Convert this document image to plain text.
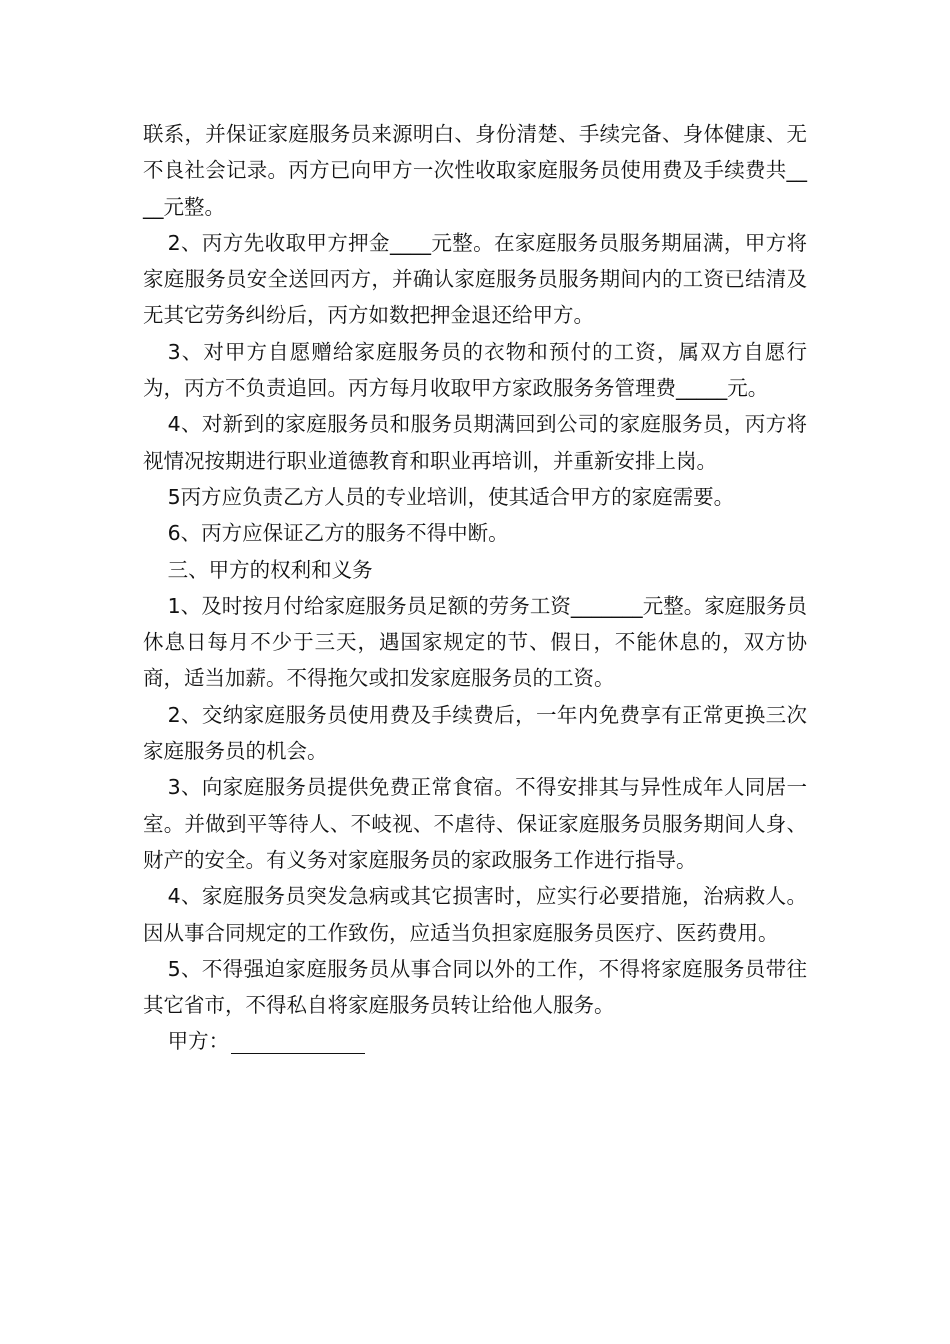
联系，并保证家庭服务员来源明白、身份清楚、手续完备、身体健康、无不良社会记录。丙方已向甲方一次性收取家庭服务员使用费及手续费共____元整。

2、丙方先收取甲方押金____元整。在家庭服务员服务期届满，甲方将家庭服务员安全送回丙方，并确认家庭服务员服务期间内的工资已结清及无其它劳务纠纷后，丙方如数把押金退还给甲方。

3、对甲方自愿赠给家庭服务员的衣物和预付的工资，属双方自愿行为，丙方不负责追回。丙方每月收取甲方家政服务务管理费_____元。

4、对新到的家庭服务员和服务员期满回到公司的家庭服务员，丙方将视情况按期进行职业道德教育和职业再培训，并重新安排上岗。

5丙方应负责乙方人员的专业培训，使其适合甲方的家庭需要。

6、丙方应保证乙方的服务不得中断。

三、甲方的权利和义务

1、及时按月付给家庭服务员足额的劳务工资_______元整。家庭服务员休息日每月不少于三天，遇国家规定的节、假日，不能休息的，双方协商，适当加薪。不得拖欠或扣发家庭服务员的工资。

2、交纳家庭服务员使用费及手续费后，一年内免费享有正常更换三次家庭服务员的机会。

3、向家庭服务员提供免费正常食宿。不得安排其与异性成年人同居一室。并做到平等待人、不岐视、不虐待、保证家庭服务员服务期间人身、财产的安全。有义务对家庭服务员的家政服务工作进行指导。

4、家庭服务员突发急病或其它损害时，应实行必要措施，治病救人。因从事合同规定的工作致伤，应适当负担家庭服务员医疗、医药费用。

5、不得强迫家庭服务员从事合同以外的工作，不得将家庭服务员带往其它省市，不得私自将家庭服务员转让给他人服务。

甲方：
